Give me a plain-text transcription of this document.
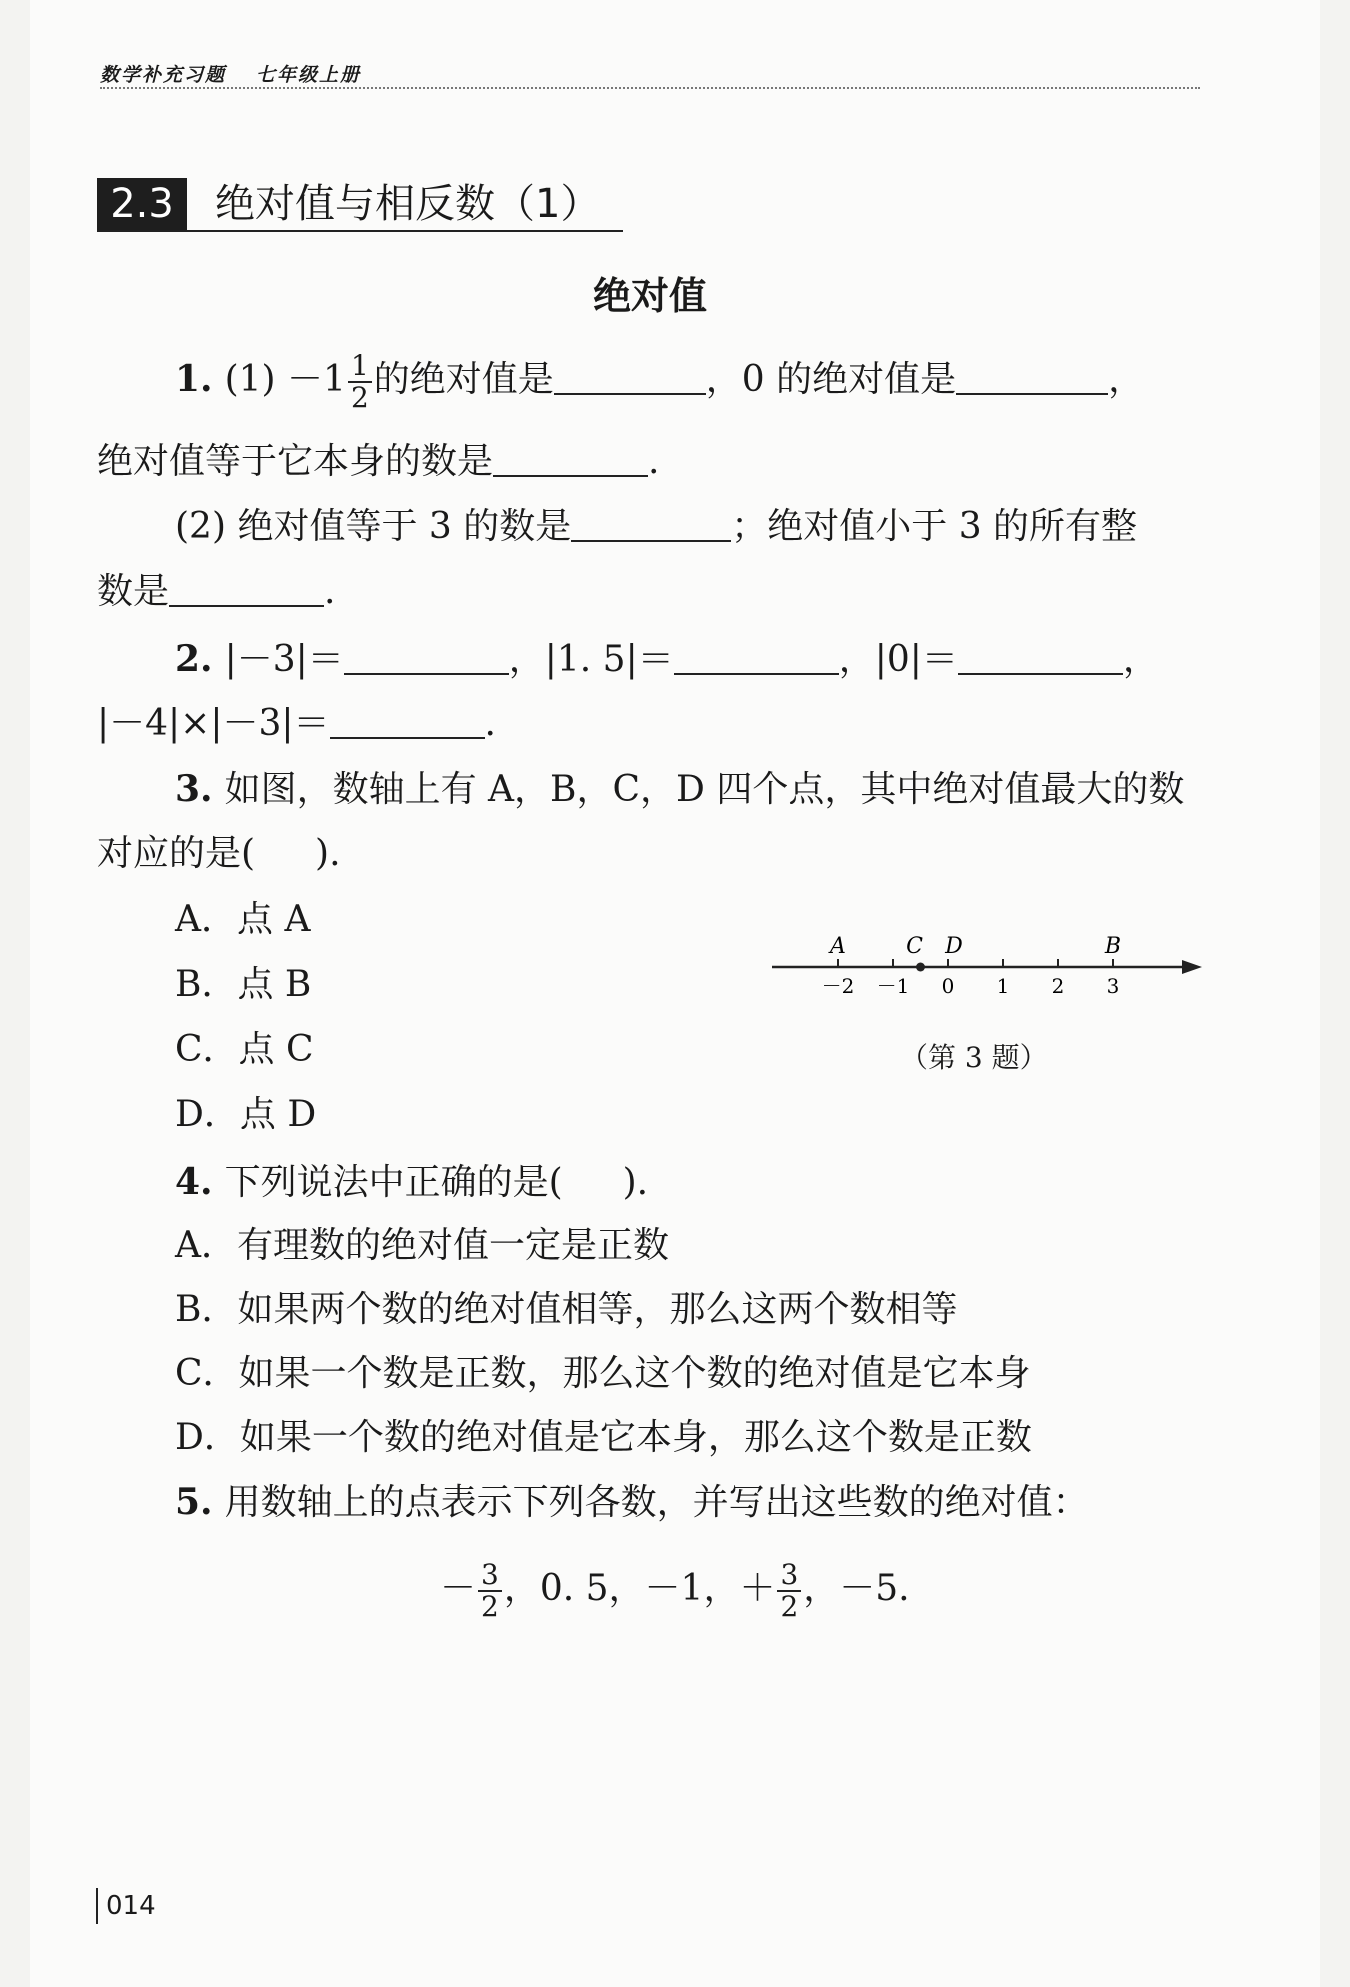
数学补充习题 七年级上册
2.3	绝对值与相反数（1）
绝对值
1. $(1) -1 \frac{1}{2}$ 的绝对值是	，0 的绝对值是	，
绝对值等于它本身的数是	.
(2) 绝对值等于 3 的数是	；绝对值小于 3 的所有整
数是	.
2. |－3|＝	，|1. 5|＝	，|0|＝	，
|－4|×|－3|＝	.
3. 如图，数轴上有 A，B，C，D 四个点，其中绝对值最大的数
对应的是( ).
A．点 A
B．点 B
C．点 C
D．点 D
－2 －1 0 1 2 3
A	C D	B
（第 3 题）
4. 下列说法中正确的是( ).
A．有理数的绝对值一定是正数
B．如果两个数的绝对值相等，那么这两个数相等
C．如果一个数是正数，那么这个数的绝对值是它本身
D．如果一个数的绝对值是它本身，那么这个数是正数
5. 用数轴上的点表示下列各数，并写出这些数的绝对值：
－ $\frac{3}{2}$ ，0. 5，－1，＋ $\frac{3}{2}$ ，－5.
014
